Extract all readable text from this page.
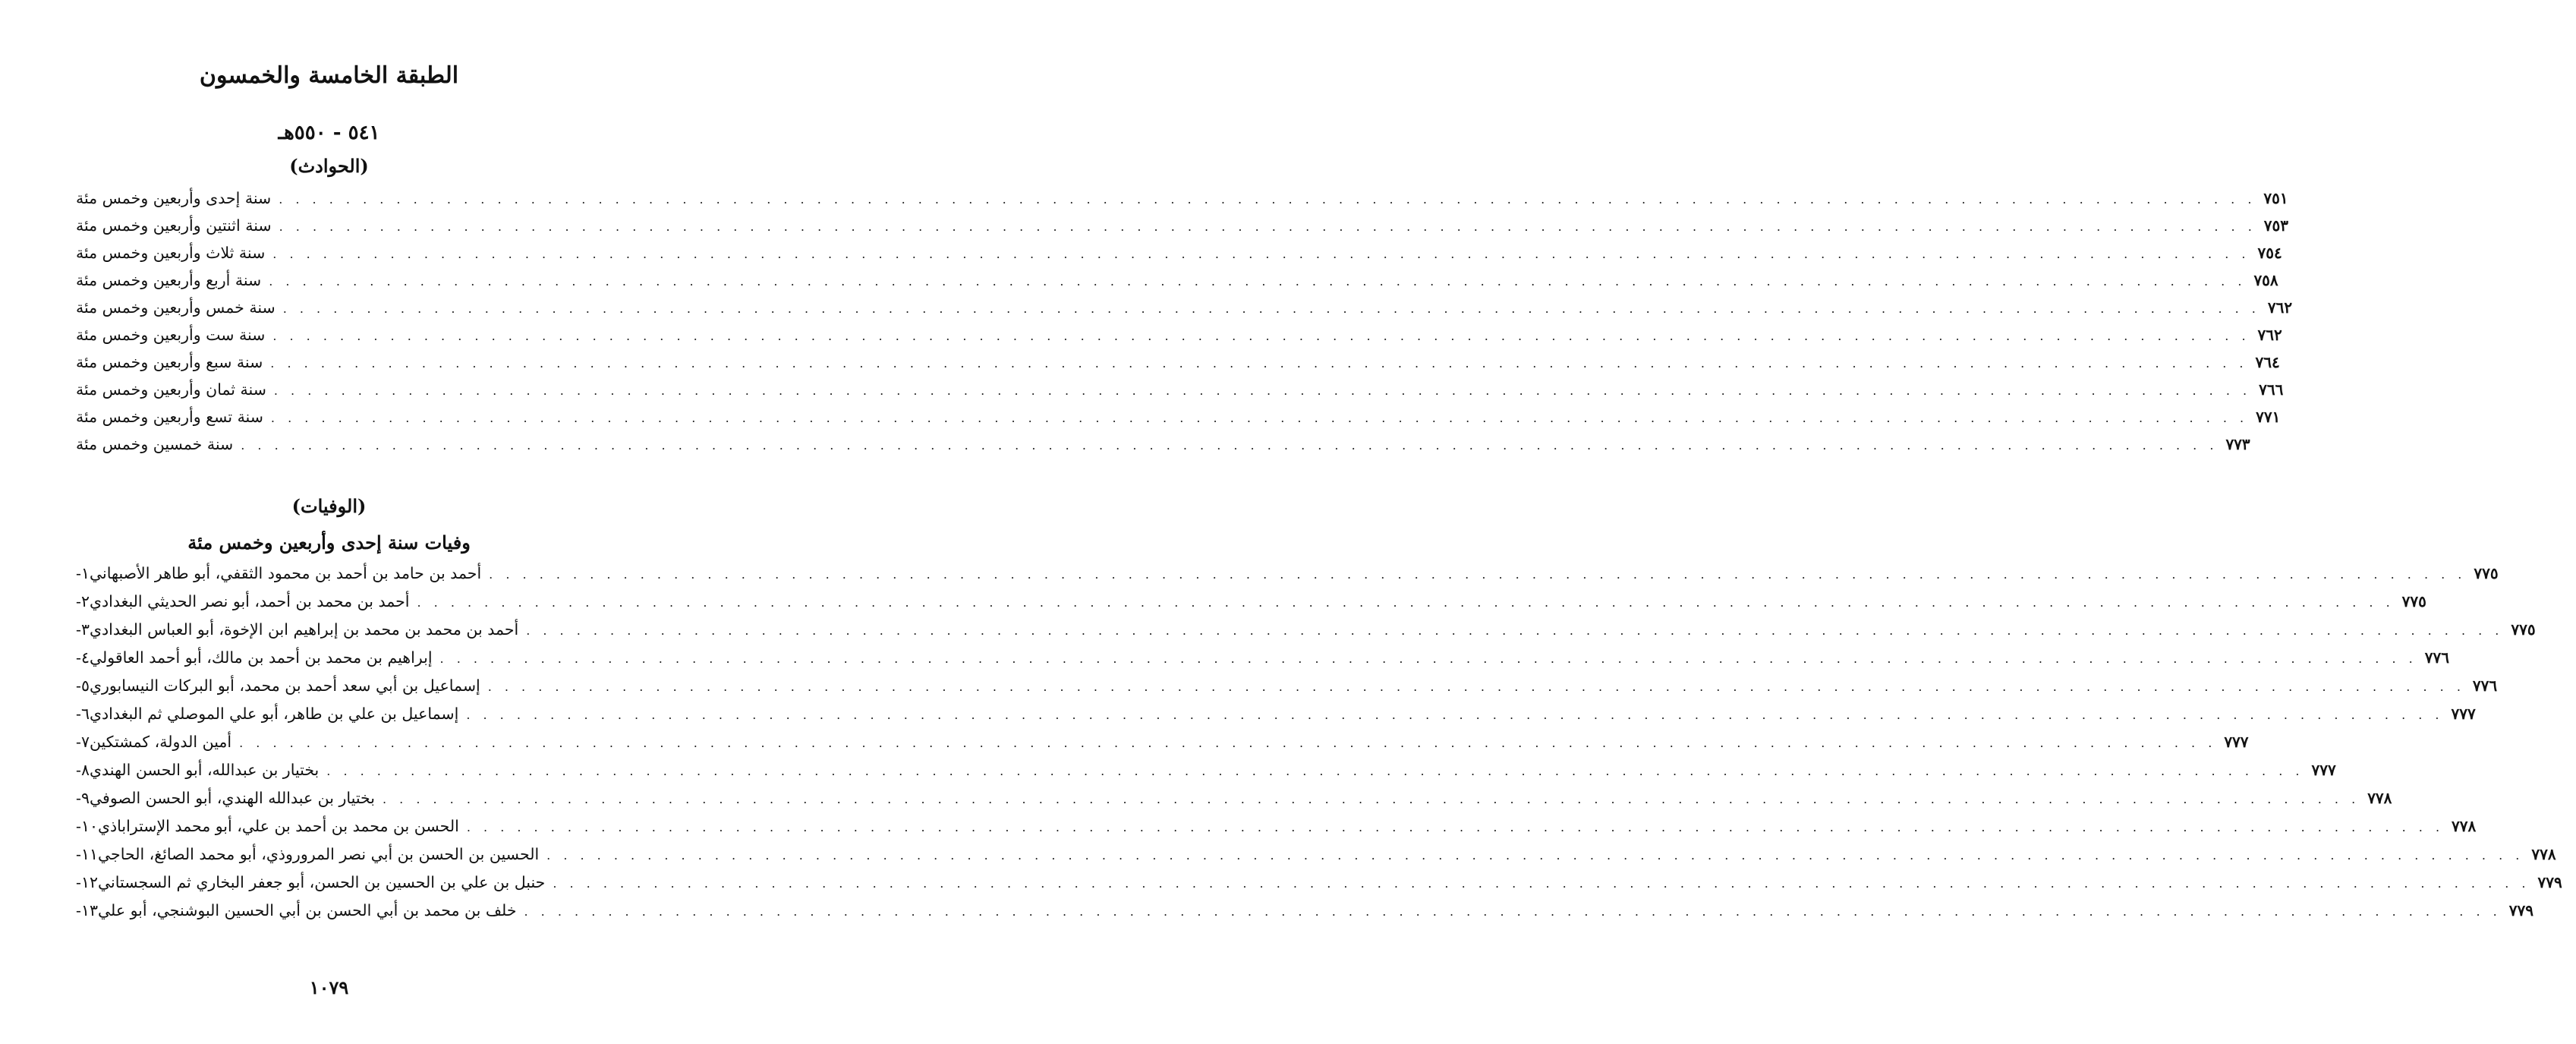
الطبقة الخامسة والخمسون
٥٤١ - ٥٥٠هـ
(الحوادث)
سنة إحدى وأربعين وخمس مئة . . .	٧٥١
سنة اثنتين وأربعين وخمس مئة . . .	٧٥٣
سنة ثلاث وأربعين وخمس مئة . . .	٧٥٤
سنة أربع وأربعين وخمس مئة . . .	٧٥٨
سنة خمس وأربعين وخمس مئة . . .	٧٦٢
سنة ست وأربعين وخمس مئة . . .	٧٦٢
سنة سبع وأربعين وخمس مئة . . .	٧٦٤
سنة ثمان وأربعين وخمس مئة . . .	٧٦٦
سنة تسع وأربعين وخمس مئة . . .	٧٧١
سنة خمسين وخمس مئة . . .	٧٧٣
(الوفيات)
وفيات سنة إحدى وأربعين وخمس مئة
١- أحمد بن حامد بن أحمد بن محمود الثقفي، أبو طاهر الأصبهاني . . .	٧٧٥
٢- أحمد بن محمد بن أحمد، أبو نصر الحديثي البغدادي . . .	٧٧٥
٣- أحمد بن محمد بن محمد بن إبراهيم ابن الإخوة، أبو العباس البغدادي . . .	٧٧٥
٤- إبراهيم بن محمد بن أحمد بن مالك، أبو أحمد العاقولي . . .	٧٧٦
٥- إسماعيل بن أبي سعد أحمد بن محمد، أبو البركات النيسابوري . . .	٧٧٦
٦- إسماعيل بن علي بن طاهر، أبو علي الموصلي ثم البغدادي . . .	٧٧٧
٧- أمين الدولة، كمشتكين . . .	٧٧٧
٨- بختيار بن عبدالله، أبو الحسن الهندي . . .	٧٧٧
٩- بختيار بن عبدالله الهندي، أبو الحسن الصوفي . . .	٧٧٨
١٠- الحسن بن محمد بن أحمد بن علي، أبو محمد الإستراباذي . . .	٧٧٨
١١- الحسين بن الحسن بن أبي نصر المروروذي، أبو محمد الصائغ، الحاجي . . .	٧٧٨
١٢- حنبل بن علي بن الحسين بن الحسن، أبو جعفر البخاري ثم السجستاني . . .	٧٧٩
١٣- خلف بن محمد بن أبي الحسن بن أبي الحسين البوشنجي، أبو علي . . .	٧٧٩
١٠٧٩
